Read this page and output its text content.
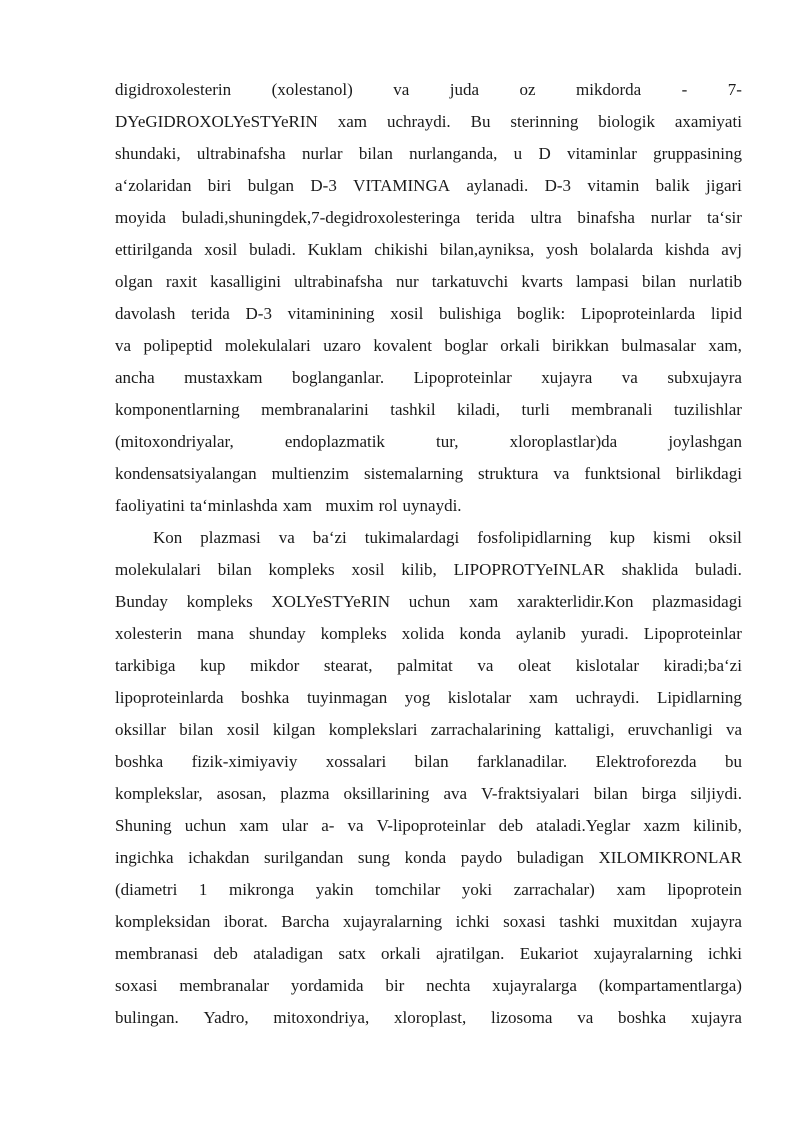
digidroxolesterin (xolestanol) va juda oz mikdorda - 7-
DYeGIDROXOLYeSTYeRIN xam uchraydi. Bu sterinning biologik axamiyati
shundaki, ultrabinafsha nurlar bilan nurlanganda, u D vitaminlar gruppasining
a‘zolaridan biri bulgan D-3 VITAMINGA aylanadi. D-3 vitamin balik jigari
moyida buladi,shuningdek,7-degidroxolesteringa terida ultra binafsha nurlar ta‘sir
ettirilganda xosil buladi. Kuklam chikishi bilan,ayniksa, yosh bolalarda kishda avj
olgan raxit kasalligini ultrabinafsha nur tarkatuvchi kvarts lampasi bilan nurlatib
davolash terida D-3 vitaminining xosil bulishiga boglik: Lipoproteinlarda lipid
va polipeptid molekulalari uzaro kovalent boglar orkali birikkan bulmasalar xam,
ancha mustaxkam boglanganlar. Lipoproteinlar xujayra va subxujayra
komponentlarning membranalarini tashkil kiladi, turli membranali tuzilishlar
(mitoxondriyalar,	endoplazmatik	tur,	xloroplastlar)da	joylashgan
kondensatsiyalangan multienzim sistemalarning struktura va funktsional birlikdagi
faoliyatini ta‘minlashda xam muxim rol uynaydi.
Kon plazmasi va ba‘zi tukimalardagi fosfolipidlarning kup kismi oksil
molekulalari bilan kompleks xosil kilib, LIPOPROTYeINLAR shaklida buladi.
Bunday kompleks XOLYeSTYeRIN uchun xam xarakterlidir.Kon plazmasidagi
xolesterin mana shunday kompleks xolida konda aylanib yuradi. Lipoproteinlar
tarkibiga kup mikdor stearat, palmitat va oleat kislotalar kiradi;ba‘zi
lipoproteinlarda boshka tuyinmagan yog kislotalar xam uchraydi. Lipidlarning
oksillar bilan xosil kilgan komplekslari zarrachalarining kattaligi, eruvchanligi va
boshka fizik-ximiyaviy xossalari bilan farklanadilar. Elektroforezda bu
komplekslar, asosan, plazma oksillarining ava V-fraktsiyalari bilan birga siljiydi.
Shuning uchun xam ular a- va V-lipoproteinlar deb ataladi.Yeglar xazm kilinib,
ingichka ichakdan surilgandan sung konda paydo buladigan XILOMIKRONLAR
(diametri 1 mikronga yakin tomchilar yoki zarrachalar) xam lipoprotein
kompleksidan iborat. Barcha xujayralarning ichki soxasi tashki muxitdan xujayra
membranasi deb ataladigan satx orkali ajratilgan. Eukariot xujayralarning ichki
soxasi membranalar yordamida bir nechta xujayralarga (kompartamentlarga)
bulingan. Yadro, mitoxondriya, xloroplast, lizosoma va boshka xujayra
